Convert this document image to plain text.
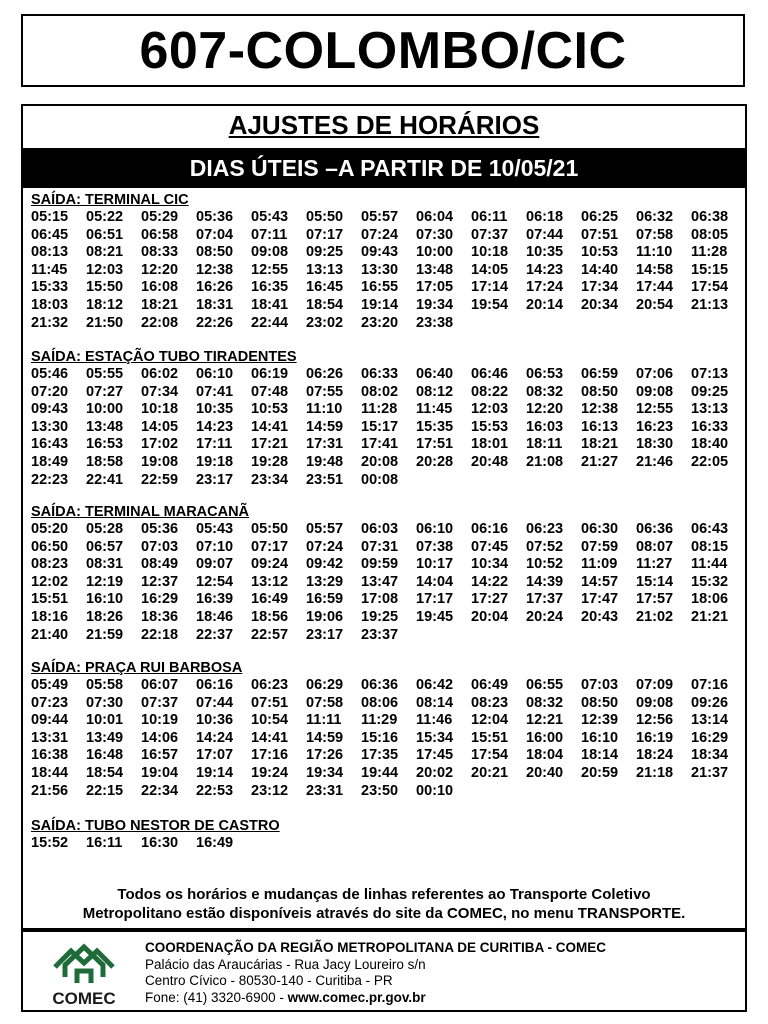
607-COLOMBO/CIC
AJUSTES DE HORÁRIOS
DIAS ÚTEIS –A PARTIR DE 10/05/21
SAÍDA: TERMINAL CIC
05:15	05:22	05:29	05:36	05:43	05:50	05:57	06:04	06:11	06:18	06:25	06:32	06:38
06:45	06:51	06:58	07:04	07:11	07:17	07:24	07:30	07:37	07:44	07:51	07:58	08:05
08:13	08:21	08:33	08:50	09:08	09:25	09:43	10:00	10:18	10:35	10:53	11:10	11:28
11:45	12:03	12:20	12:38	12:55	13:13	13:30	13:48	14:05	14:23	14:40	14:58	15:15
15:33	15:50	16:08	16:26	16:35	16:45	16:55	17:05	17:14	17:24	17:34	17:44	17:54
18:03	18:12	18:21	18:31	18:41	18:54	19:14	19:34	19:54	20:14	20:34	20:54	21:13
21:32	21:50	22:08	22:26	22:44	23:02	23:20	23:38
SAÍDA: ESTAÇÃO TUBO TIRADENTES
05:46	05:55	06:02	06:10	06:19	06:26	06:33	06:40	06:46	06:53	06:59	07:06	07:13
07:20	07:27	07:34	07:41	07:48	07:55	08:02	08:12	08:22	08:32	08:50	09:08	09:25
09:43	10:00	10:18	10:35	10:53	11:10	11:28	11:45	12:03	12:20	12:38	12:55	13:13
13:30	13:48	14:05	14:23	14:41	14:59	15:17	15:35	15:53	16:03	16:13	16:23	16:33
16:43	16:53	17:02	17:11	17:21	17:31	17:41	17:51	18:01	18:11	18:21	18:30	18:40
18:49	18:58	19:08	19:18	19:28	19:48	20:08	20:28	20:48	21:08	21:27	21:46	22:05
22:23	22:41	22:59	23:17	23:34	23:51	00:08
SAÍDA: TERMINAL MARACANÃ
05:20	05:28	05:36	05:43	05:50	05:57	06:03	06:10	06:16	06:23	06:30	06:36	06:43
06:50	06:57	07:03	07:10	07:17	07:24	07:31	07:38	07:45	07:52	07:59	08:07	08:15
08:23	08:31	08:49	09:07	09:24	09:42	09:59	10:17	10:34	10:52	11:09	11:27	11:44
12:02	12:19	12:37	12:54	13:12	13:29	13:47	14:04	14:22	14:39	14:57	15:14	15:32
15:51	16:10	16:29	16:39	16:49	16:59	17:08	17:17	17:27	17:37	17:47	17:57	18:06
18:16	18:26	18:36	18:46	18:56	19:06	19:25	19:45	20:04	20:24	20:43	21:02	21:21
21:40	21:59	22:18	22:37	22:57	23:17	23:37
SAÍDA: PRAÇA RUI BARBOSA
05:49	05:58	06:07	06:16	06:23	06:29	06:36	06:42	06:49	06:55	07:03	07:09	07:16
07:23	07:30	07:37	07:44	07:51	07:58	08:06	08:14	08:23	08:32	08:50	09:08	09:26
09:44	10:01	10:19	10:36	10:54	11:11	11:29	11:46	12:04	12:21	12:39	12:56	13:14
13:31	13:49	14:06	14:24	14:41	14:59	15:16	15:34	15:51	16:00	16:10	16:19	16:29
16:38	16:48	16:57	17:07	17:16	17:26	17:35	17:45	17:54	18:04	18:14	18:24	18:34
18:44	18:54	19:04	19:14	19:24	19:34	19:44	20:02	20:21	20:40	20:59	21:18	21:37
21:56	22:15	22:34	22:53	23:12	23:31	23:50	00:10
SAÍDA: TUBO NESTOR DE CASTRO
15:52	16:11	16:30	16:49
Todos os horários e mudanças de linhas referentes ao Transporte Coletivo
Metropolitano estão disponíveis através do site da COMEC, no menu TRANSPORTE.
COMEC
COORDENAÇÃO DA REGIÃO METROPOLITANA DE CURITIBA - COMEC
Palácio das Araucárias - Rua Jacy Loureiro s/n
Centro Cívico - 80530-140 - Curitiba - PR
Fone: (41) 3320-6900 - www.comec.pr.gov.br
